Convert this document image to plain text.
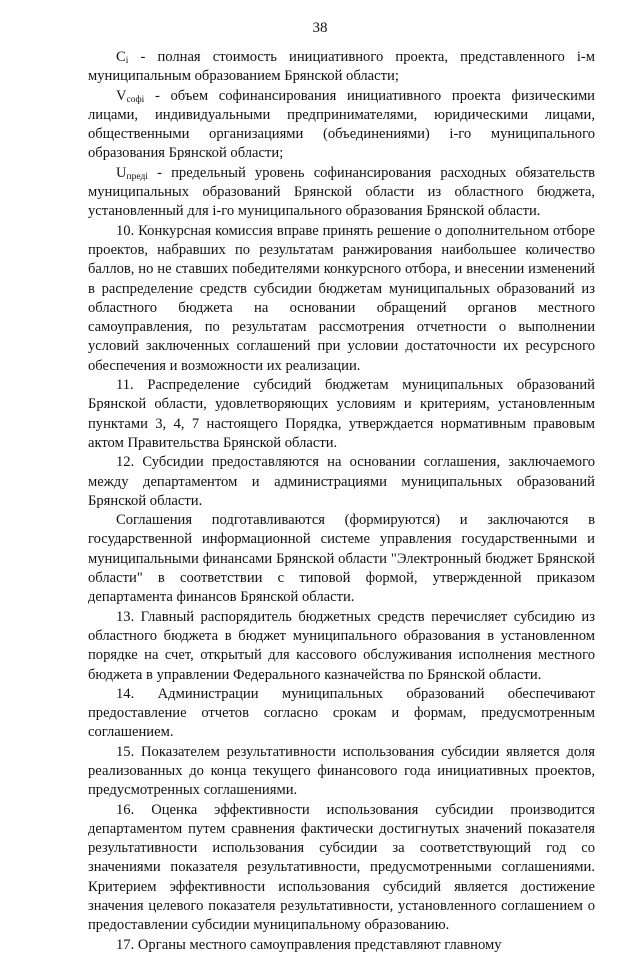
38

$C_i$ - полная стоимость инициативного проекта, представленного i-м муниципальным образованием Брянской области;

$V_{cофi}$ - объем софинансирования инициативного проекта физическими лицами, индивидуальными предпринимателями, юридическими лицами, общественными организациями (объединениями) i-го муниципального образования Брянской области;

$U_{предi}$ - предельный уровень софинансирования расходных обязательств муниципальных образований Брянской области из областного бюджета, установленный для i-го муниципального образования Брянской области.

10. Конкурсная комиссия вправе принять решение о дополнительном отборе проектов, набравших по результатам ранжирования наибольшее количество баллов, но не ставших победителями конкурсного отбора, и внесении изменений в распределение средств субсидии бюджетам муниципальных образований из областного бюджета на основании обращений органов местного самоуправления, по результатам рассмотрения отчетности о выполнении условий заключенных соглашений при условии достаточности их ресурсного обеспечения и возможности их реализации.

11. Распределение субсидий бюджетам муниципальных образований Брянской области, удовлетворяющих условиям и критериям, установленным пунктами 3, 4, 7 настоящего Порядка, утверждается нормативным правовым актом Правительства Брянской области.

12. Субсидии предоставляются на основании соглашения, заключаемого между департаментом и администрациями муниципальных образований Брянской области.

Соглашения подготавливаются (формируются) и заключаются в государственной информационной системе управления государственными и муниципальными финансами Брянской области "Электронный бюджет Брянской области" в соответствии с типовой формой, утвержденной приказом департамента финансов Брянской области.

13. Главный распорядитель бюджетных средств перечисляет субсидию из областного бюджета в бюджет муниципального образования в установленном порядке на счет, открытый для кассового обслуживания исполнения местного бюджета в управлении Федерального казначейства по Брянской области.

14. Администрации муниципальных образований обеспечивают предоставление отчетов согласно срокам и формам, предусмотренным соглашением.

15. Показателем результативности использования субсидии является доля реализованных до конца текущего финансового года инициативных проектов, предусмотренных соглашениями.

16. Оценка эффективности использования субсидии производится департаментом путем сравнения фактически достигнутых значений показателя результативности использования субсидии за соответствующий год со значениями показателя результативности, предусмотренными соглашениями. Критерием эффективности использования субсидий является достижение значения целевого показателя результативности, установленного соглашением о предоставлении субсидии муниципальному образованию.

17. Органы местного самоуправления представляют главному
